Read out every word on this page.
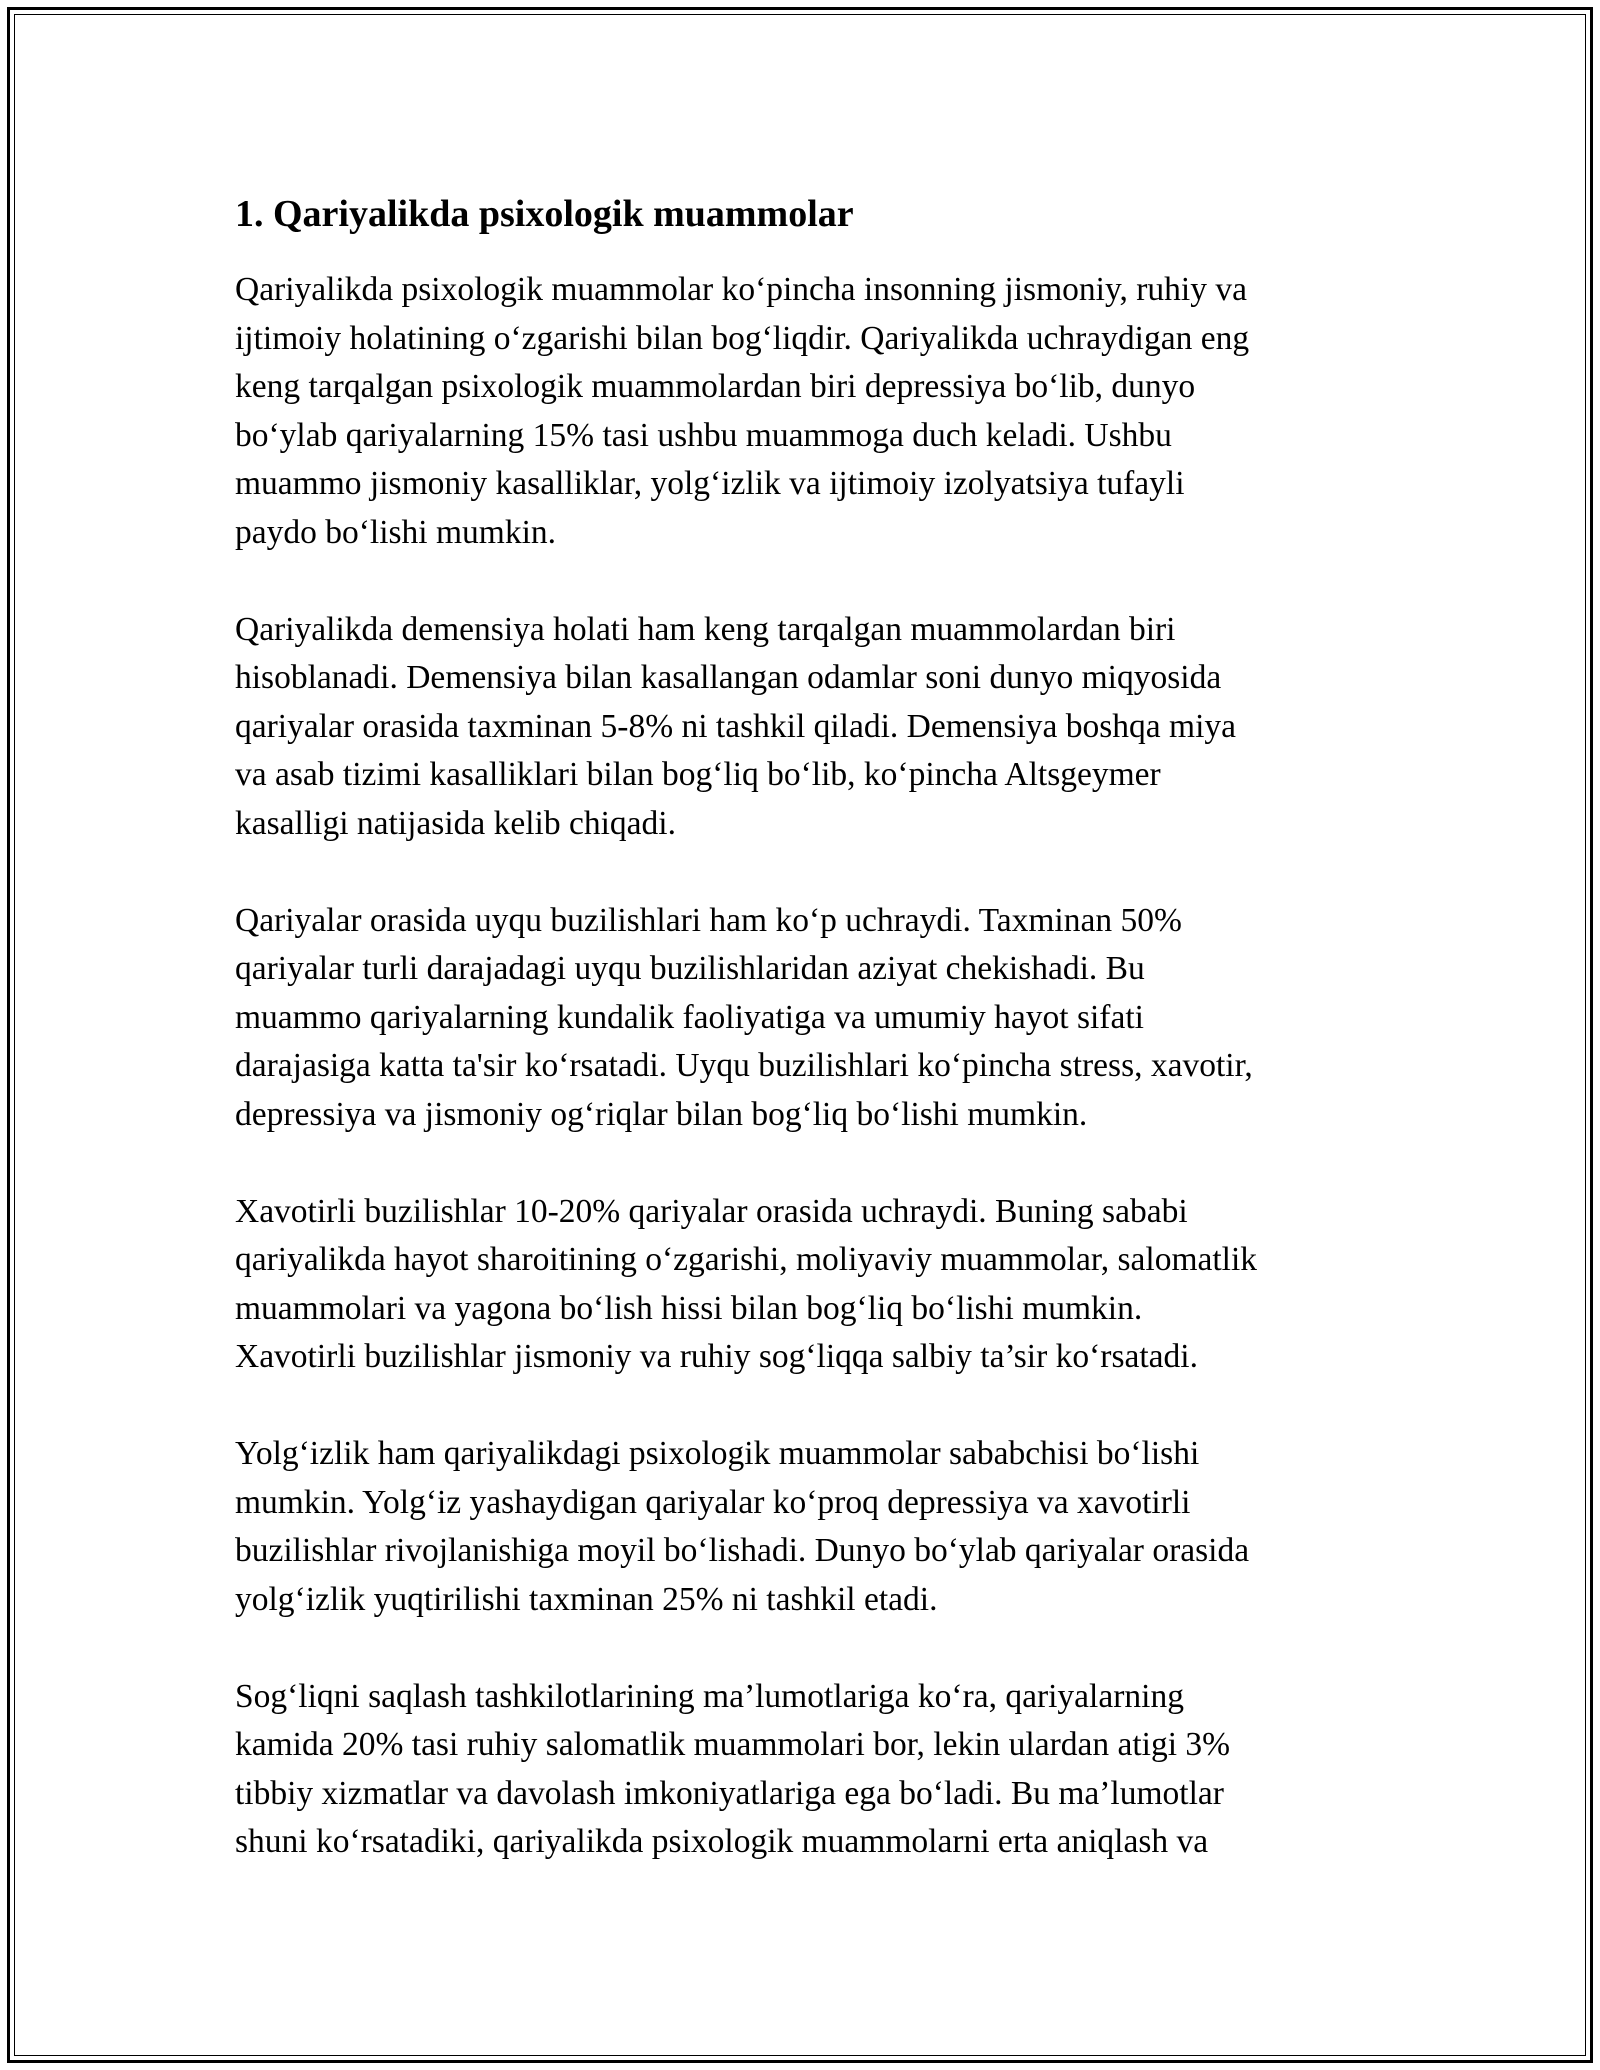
1. Qariyalikda psixologik muammolar
Qariyalikda psixologik muammolar ko‘pincha insonning jismoniy, ruhiy va
ijtimoiy holatining o‘zgarishi bilan bog‘liqdir. Qariyalikda uchraydigan eng
keng tarqalgan psixologik muammolardan biri depressiya bo‘lib, dunyo
bo‘ylab qariyalarning 15% tasi ushbu muammoga duch keladi. Ushbu
muammo jismoniy kasalliklar, yolg‘izlik va ijtimoiy izolyatsiya tufayli
paydo bo‘lishi mumkin.
Qariyalikda demensiya holati ham keng tarqalgan muammolardan biri
hisoblanadi. Demensiya bilan kasallangan odamlar soni dunyo miqyosida
qariyalar orasida taxminan 5-8% ni tashkil qiladi. Demensiya boshqa miya
va asab tizimi kasalliklari bilan bog‘liq bo‘lib, ko‘pincha Altsgeymer
kasalligi natijasida kelib chiqadi.
Qariyalar orasida uyqu buzilishlari ham ko‘p uchraydi. Taxminan 50%
qariyalar turli darajadagi uyqu buzilishlaridan aziyat chekishadi. Bu
muammo qariyalarning kundalik faoliyatiga va umumiy hayot sifati
darajasiga katta ta'sir ko‘rsatadi. Uyqu buzilishlari ko‘pincha stress, xavotir,
depressiya va jismoniy og‘riqlar bilan bog‘liq bo‘lishi mumkin.
Xavotirli buzilishlar 10-20% qariyalar orasida uchraydi. Buning sababi
qariyalikda hayot sharoitining o‘zgarishi, moliyaviy muammolar, salomatlik
muammolari va yagona bo‘lish hissi bilan bog‘liq bo‘lishi mumkin.
Xavotirli buzilishlar jismoniy va ruhiy sog‘liqqa salbiy ta’sir ko‘rsatadi.
Yolg‘izlik ham qariyalikdagi psixologik muammolar sababchisi bo‘lishi
mumkin. Yolg‘iz yashaydigan qariyalar ko‘proq depressiya va xavotirli
buzilishlar rivojlanishiga moyil bo‘lishadi. Dunyo bo‘ylab qariyalar orasida
yolg‘izlik yuqtirilishi taxminan 25% ni tashkil etadi.
Sog‘liqni saqlash tashkilotlarining ma’lumotlariga ko‘ra, qariyalarning
kamida 20% tasi ruhiy salomatlik muammolari bor, lekin ulardan atigi 3%
tibbiy xizmatlar va davolash imkoniyatlariga ega bo‘ladi. Bu ma’lumotlar
shuni ko‘rsatadiki, qariyalikda psixologik muammolarni erta aniqlash va
